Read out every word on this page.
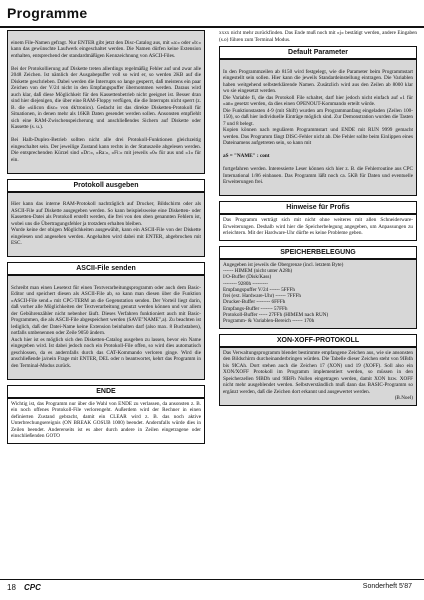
Programme

einem File-Namen gefragt. Nur ENTER gibt jetzt den Disc-Catalog aus, mit »a:« oder »b:« kann das gewünschte Laufwerk eingeschaltet werden. Die Namen dürfen keine Extension enthalten, entsprechend der standardmäßigen Kennzeichnung von ASCII-Files.

Bei der Protokollierung auf Diskette treten allerdings regelmäßig Fehler auf und zwar alle 2048 Zeichen. Ist nämlich der Ausgabepuffer voll so wird er, so werden 2KB auf die Diskette geschrieben. Dabei werden die Interrupts so lange gesperrt, daß meistens ein paar Zeichen von der V/24 nicht in den Empfangspuffer übernommen werden. Daraus wird auch klar, daß diese Möglichkeit für den Kassettenbetrieb nicht geeignet ist. Besser dran sind hier diejenigen, die über eine RAM-Floppy verfügen, die die Interrupts nicht sperrt (z. B. die »silicon disc« von dk'tronics). Gedacht ist das direkte Disketten-Protokoll für Situationen, in denen mehr als 16KB Daten gesendet werden sollen. Ansonsten empfiehlt sich eine RAM-Zwischenspeicherung und anschließendes Sichern auf Diskette oder Kassette (s. u.).

Bei Halb-Duplex-Betrieb sollten nicht alle drei Protokoll-Funktionen gleichzeitig eingeschaltet sein. Der jeweilige Zustand kann rechts in der Statuszeile abgelesen werden. Die entsprechenden Kürzel sind »Dr:«, »Ra:«, »Fi:« mit jeweils »0« für aus und »1« für ein.

Protokoll ausgeben

Hier kann das interne RAM-Protokoll nachträglich auf Drucker, Bildschirm oder als ASCII-File auf Diskette ausgegeben werden. So kann beispielsweise eine Disketten- oder Kassetten-Datei als Protokoll erstellt werden, die frei von den oben genannten Fehlern ist, wobei uns die Übertragungsfehler ja trotzdem erhalten bleiben.
Wurde keine der obigen Möglichkeiten ausgewählt, kann ein ASCII-File von der Diskette eingelesen und angesehen werden. Angehalten wird dabei mit ENTER, abgebrochen mit ESC.

ASCII-File senden

Schreibt man einen Lesetext für einen Textverarbeitungsprogramm oder auch dem Basic-Editor und speichert diesen als ASCII-File ab, so kann man diesen über die Funktion »ASCII-File send.« mit CPC-TERM an die Gegenstation senden. Der Vorteil liegt darin, daß vorher alle Möglichkeiten der Textverarbeitung genutzt werden können und vor allem der Gebührenzähler nicht nebenher läuft. Dieses Verfahren funktioniert auch mit Basic-Programmen, die als ASCII-File abgespeichert werden (SAVE"NAME",a). Zu beachten ist lediglich, daß der Datei-Name keine Extension beinhalten darf (also max. 8 Buchstaben), notfalls umbenennen oder Zeile 9050 ändern.
Auch hier ist es möglich sich den Disketten-Catalog ausgeben zu lassen, bevor ein Name eingegeben wird. Ist dabei jedoch noch ein Protokoll-File offen, so wird dies automatisch geschlossen, da es andernfalls durch das CAT-Kommando verloren ginge. Wird die anschließende ja/nein Frage mit ENTER, DEL oder n beantwortet, kehrt das Programm in den Terminal-Modus zurück.

ENDE
Wichtig ist, das Programm nur über die Wahl von ENDE zu verlassen, da ansonsten z. B. ein noch offenes Protokoll-File verlorengeht. Außerdem wird der Rechner in einen definierten Zustand gebracht, damit ein CLEAR wird z. B. das noch aktive Unterbrechungsereignis (ON BREAK GOSUB 1000) beendet. Andernfalls würde dies in Zeilen beendet. Andererseits ist es aber durch andere in Zeilen eingetragene oder einschließenden GOTO
xxxx nicht mehr zurückfinden. Das Ende muß noch mit »j« bestätigt werden, andere Eingaben (s.o) führen zum Terminal Modus.
Default Parameter

In den Programmzeilen ab 8150 wird festgelegt, wie die Parameter beim Programmstart eingestellt sein sollen. Hier kann die jeweils Standardeinstellung eintragen. Die Variablen haben weitgehend selbsterklärende Namen. Zusätzlich wird aus den Zeilen ab 8000 klar wo sie eingesetzt werden.
Die Variable fi, die das Protokoll File schaltet, darf hier jedoch nicht einfach auf »1 für »an« gesetzt werden, da dies einen OPENOUT-Kommando erteilt würde.
Die Funktionstasten 4-9 (mit Shift) wurden am Programmanfang eingeladen (Zeilen 100-150), so daß hier individuelle Einträge möglich sind. Zur Demonstration wurden die Tasten 7 und 8 belegt.
Kopien können nach regulärem Programmstart und ENDE mit RUN 9999 gemacht werden. Das Programm fängt DISC-Fehler nicht ab. Die Fehler sollte beim Einlippen eines Dateinamens aufgetreten sein, so kann mit

aS = "NAME" : cont

fortgefahren werden. Interessierte Leser können sich hier z. B. die Fehlerroutine aus CPC International 1/86 einbauen. Das Programm läßt noch ca. 5KB für Daten und eventuelle Erweiterungen frei.

Hinweise für Profis
Das Programm verträgt sich mit nicht ohne weiteres mit allen Schneiderware-Erweiterungen. Deshalb wird hier die Speicherbelegung angegeben, um Anpassungen zu erleichtern. Mit der Hardware-Uhr dürfte es keine Probleme geben.
SPEICHERBELEGUNG
Angegeben ist jeweils die Obergrenze (incl. letztem Byte)
------ HIMEM (nicht unter A28h)
I/O-Buffer (Disk/Kass)
-------- 9280h ---------
Empfangspuffer V/24 ------ 5FFFh
frei (ext. Hardware-Uhr) ------ 7FFFh
Drucker-Buffer -------- 6FFFh
Empfangs-Buffer ------- 57FFh
Protokoll-Buffer ----- 27FFh (HIMEM nach RUN)
Programm- & Variablen-Bereich ------ 170h
XON-XOFF-PROTOKOLL
Das Verwaltungsprogramm blendet bestimmte empfangene Zeichen aus, wie sie ansonsten den Bildschirm durcheinanderbringen würden. Die Tabelle dieser Zeichen steht von 9IB4h bis 9ICAh. Dort stehen auch die Zeichen 17 (XON) und 19 (XOFF). Soll also ein XON/XOFF Protokoll im Programm implementiert werden, so müssen in den Speicherzellen 9IBDh und 9IBFh Nullen eingetragen werden, damit XON bzw. XOFF nicht mehr ausgeblendet werden. Selbstverständlich muß dann das BASIC-Programm so ergänzt werden, daß die Zeichen dort erkannt und ausgewertet werden.
(B.Noel)
18 CPC	Sonderheft 5'87
